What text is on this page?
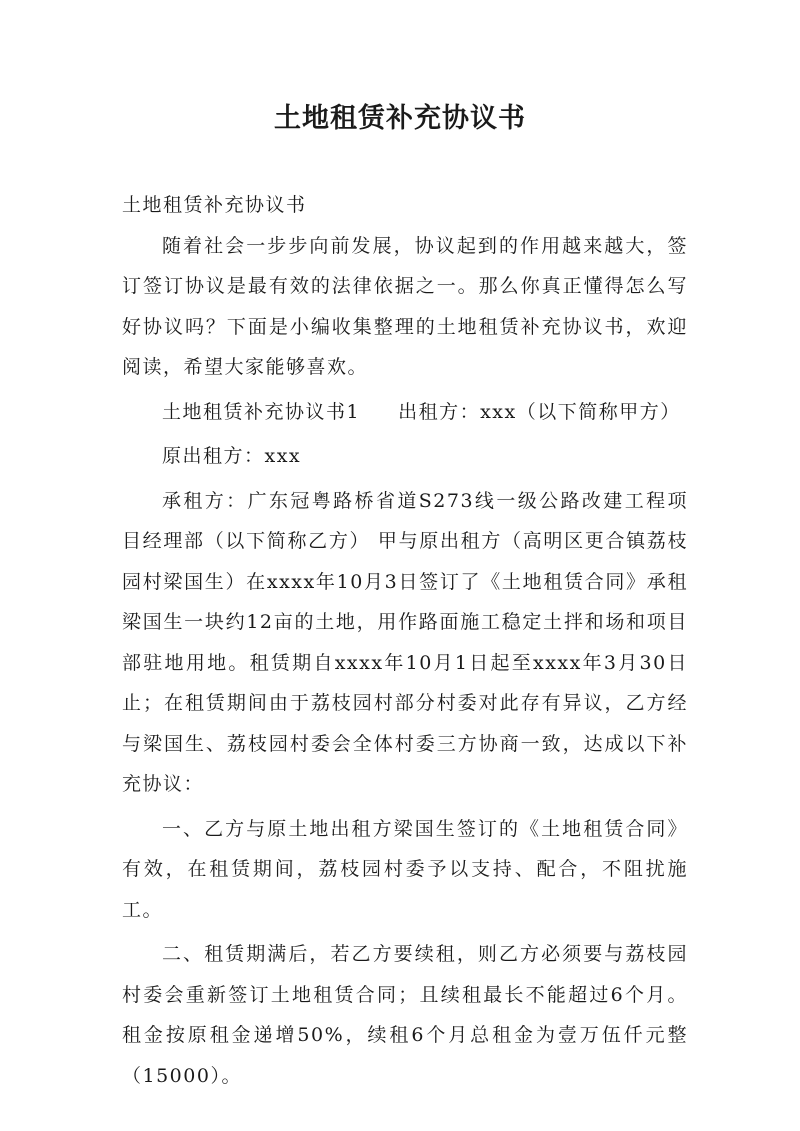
土地租赁补充协议书

土地租赁补充协议书

随着社会一步步向前发展，协议起到的作用越来越大，签订签订协议是最有效的法律依据之一。那么你真正懂得怎么写好协议吗？下面是小编收集整理的土地租赁补充协议书，欢迎阅读，希望大家能够喜欢。

土地租赁补充协议书1 出租方：xxx（以下简称甲方）

原出租方：xxx

承租方：广东冠粤路桥省道S273线一级公路改建工程项目经理部（以下简称乙方） 甲与原出租方（高明区更合镇荔枝园村梁国生）在xxxx年10月3日签订了《土地租赁合同》承租梁国生一块约12亩的土地，用作路面施工稳定土拌和场和项目部驻地用地。租赁期自xxxx年10月1日起至xxxx年3月30日止；在租赁期间由于荔枝园村部分村委对此存有异议，乙方经与梁国生、荔枝园村委会全体村委三方协商一致，达成以下补充协议：

一、乙方与原土地出租方梁国生签订的《土地租赁合同》有效，在租赁期间，荔枝园村委予以支持、配合，不阻扰施工。

二、租赁期满后，若乙方要续租，则乙方必须要与荔枝园村委会重新签订土地租赁合同；且续租最长不能超过6个月。租金按原租金递增50%，续租6个月总租金为壹万伍仟元整（15000）。
